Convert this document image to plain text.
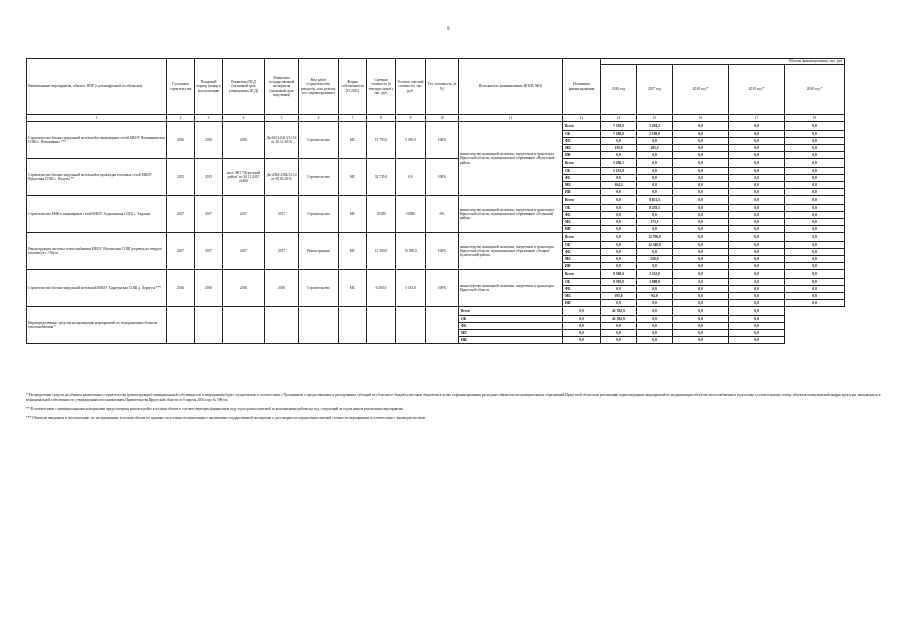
9
Наименование мероприятия, объекта, ПИР (с расшифровкой по объектам)	Год начала строительства	Плановый период (конца в эксплуатацию	Реквизиты ПСД (плановый срок утверждения ПСД)	Реквизиты государственной экспертизы (плановый срок получения)	Вид работ (строительство, реконстр., кап. ремонт, тех. перевооружение)	Форма собственности (ГС/МС)	Сметная стоимость (в текущих ценах), тыс. руб.	Остаток сметной стоимости, тыс. руб.	Тех. готовность, (в %)	Исполнитель (наименование ИОГВ, МО)	Источники финансирования	Объемы финансирования, тыс. руб.				
												2016 год	2017 год	2018 год *	2019 год *	2020 год *
1	2	3	4	5	6	7	8	9	10	11	12	14	15	16	17	18
Строительство блочно-модульной котельной и инженерных сетей МБОУ Новоникинская СОШ с. Новоникино ***	2016	2016	2016	Дк-0413-0413/11.16 от 26.12.2016	Строительство	МС	13 793,0	5 395,0	100%	министерство жилищной политики, энергетики и транспорта Иркутской области, муниципальное образование «Нукутский район»	Всего	7 350,0	5 294,5	0,0	0,0	0,0
											ОБ	7 200,0	5 109,0	0,0	0,0	0,0
											ФБ	0,0	0,0	0,0	0,0	0,0
											МБ	150,0	185,5	0,0	0,0	0,0
											ИИ	0,0	0,0	0,0	0,0	0,0
Строительство блочно-модульной котельной и прокладка тепловых сетей МБОУ Нукутская СОШ с. Нукуты **	2015	2015	вост. МО "Нукутский район" от 30.11.2015 №406	Дк-2384-2384/12.14 от 08.02.2015	Строительство	МС	32 735,0	0,0	100%		Всего	5 296,1	0,0	0,0	0,0	0,0
											ОБ	5 191,9	0,0	0,0	0,0	0,0
											ФБ	0,0	0,0	0,0	0,0	0,0
											МБ	104,2	0,0	0,0	0,0	0,0
											ИИ	0,0	0,0	0,0	0,0	0,0
Строительство БМК и инженерных сетей МБОУ Хадахинская СОШ с. Хадахан	2017	2017	2017	2017	Строительство	МС	10580	10580	0%	министерство жилищной политики, энергетики и транспорта Иркутской области, муниципальное образование «Осинский район»	Всего	0,0	8 651,5	0,0	0,0	0,0
											ОБ	0,0	8 478,5	0,0	0,0	0,0
											ФБ	0,0	0,0	0,0	0,0	0,0
											МБ	0,0	173,1	0,0	0,0	0,0
											ИИ	0,0	0,0	0,0	0,0	0,0
Реконструкция системы теплоснабжения МБОУ Обусинская СОШ (перевод на твердое топливо) в с. Обуса	2017	2017	2017	2017	Реконструкция	МС	13 290,0	13 290,0	100%	министерство жилищной политики, энергетики и транспорта Иркутской области, муниципальное образование «Эхирит-Булагатский район»	Всего	0,0	12 796,0	0,0	0,0	0,0
											ОБ	0,0	12 540,0	0,0	0,0	0,0
											ФБ	0,0	0,0	0,0	0,0	0,0
											МБ	0,0	256,0	0,0	0,0	0,0
											ИИ	0,0	0,0	0,0	0,0	0,0
Строительство блочно-модульной котельной МБОУ Харагунская СОШ д. Харагун ***	2016	2016	2016	2016	Строительство	МС	6 300,0	3 353,0	100%	министерство жилищной политики, энергетики и транспорта Иркутской области	Всего	6 500,0	3 352,0	0,0	0,0	0,0
											ОБ	6 305,0	3 088,0	0,0	0,0	0,0
											ФБ	0,0	0,0	0,0	0,0	0,0
											МБ	195,0	94,0	0,0	0,0	0,0
											ИИ	0,0	0,0	0,0	0,0	0,0
Нераспределенные средства на проведение мероприятий по модернизации объектов теплоснабжения *										Всего	0,0	41 392,9	0,0	0,0	0,0	
										ОБ	0,0	41 392,9	0,0	0,0	0,0	
										ФБ	0,0	0,0	0,0	0,0	0,0	
										МБ	0,0	0,0	0,0	0,0	0,0	
										ИИ	0,0	0,0	0,0	0,0	0,0	

* Распределение средств на объекты капитального строительства (реконструкции) муниципальной собственности и мероприятия будет осуществлено в соответствии с Положением о предоставлении и расходовании субсидий из областного бюджета местным бюджетам в целях софинансирования расходных обязательств муниципальных образований Иркутской области на реализацию первоочередных мероприятий по модернизации объектов теплоснабжения и подготовке к отопительному сезону объектов коммунальной инфраструктуры, находящихся в муниципальной собственности, утвержденным постановлением Правительства Иркутской области от 6 апреля 2016 года № 196-пп.

** В соответствии с муниципальными контрактами предусмотрена выплата работ в полном объеме в соответствующем финансовом году и рассрочка платежей за выполненные работы на год, следующий за годом начала реализации мероприятия.

*** Объектам введенные в эксплуатацию, но не отраженные в полном объеме по причине отсутствия положительного заключения государственной экспертизы о достоверности определения сметной стоимости мероприятия в соответствии с законодательством
